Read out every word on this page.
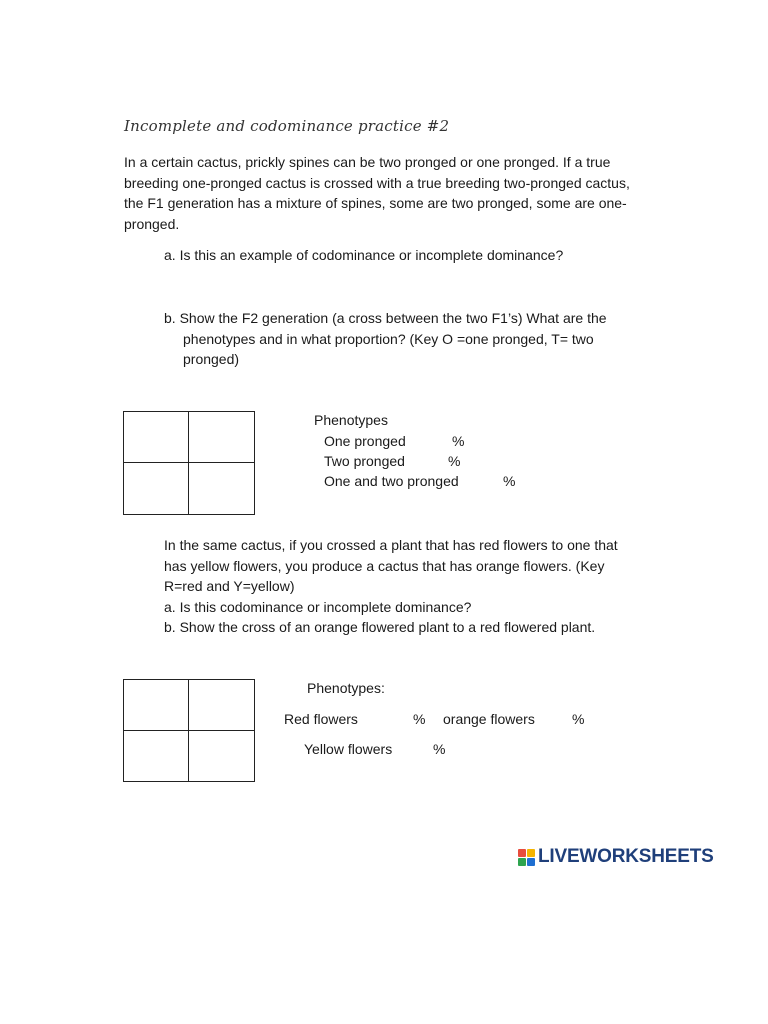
Incomplete and codominance practice #2
In a certain cactus, prickly spines can be two pronged or one pronged. If a true
breeding one-pronged cactus is crossed with a true breeding two-pronged cactus,
the F1 generation has a mixture of spines, some are two pronged, some are one-
pronged.
a. Is this an example of codominance or incomplete dominance?
b. Show the F2 generation (a cross between the two F1’s) What are the
phenotypes and in what proportion? (Key O =one pronged, T= two
pronged)
Phenotypes
One pronged	%
Two pronged	%
One and two pronged	%
In the same cactus, if you crossed a plant that has red flowers to one that
has yellow flowers, you produce a cactus that has orange flowers. (Key
R=red and Y=yellow)
a. Is this codominance or incomplete dominance?
b. Show the cross of an orange flowered plant to a red flowered plant.
Phenotypes:
Red flowers	% orange flowers	%
Yellow flowers	%
LIVEWORKSHEETS
